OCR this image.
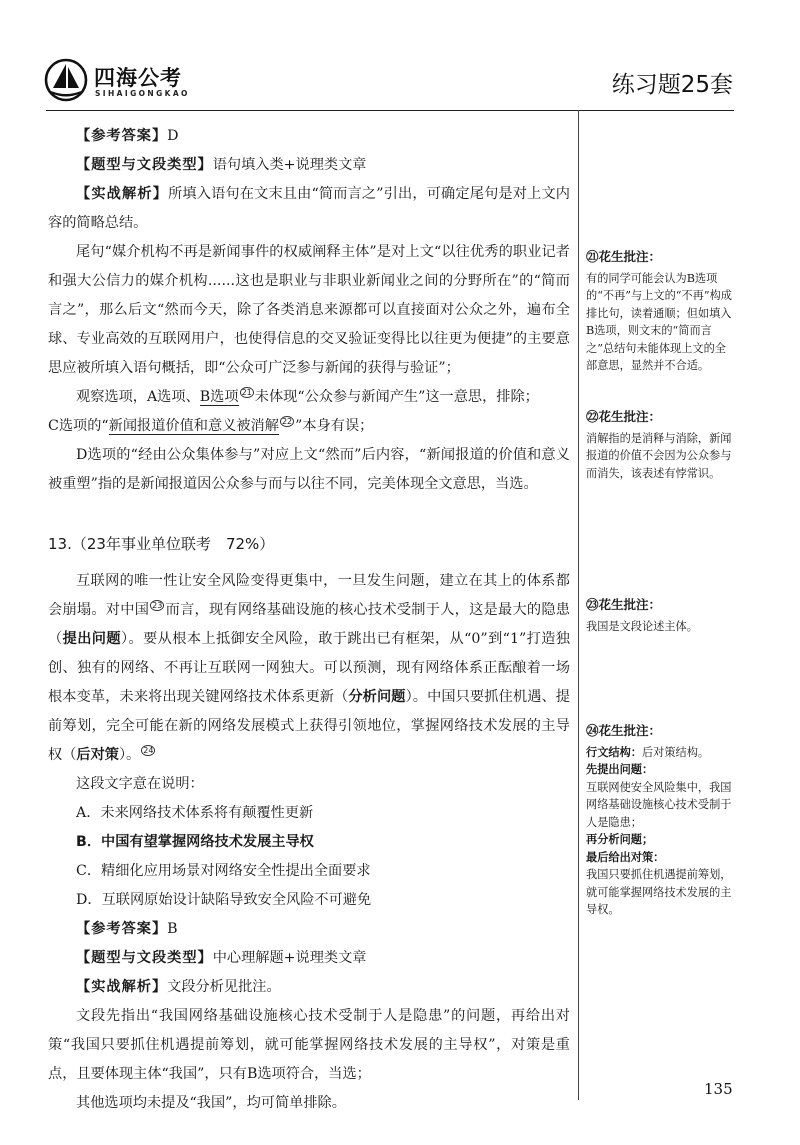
四海公考
SIHAIGONGKAO	练习题25套

【参考答案】D

【题型与文段类型】语句填入类+说理类文章

【实战解析】所填入语句在文末且由“简而言之”引出，可确定尾句是对上文内容的简略总结。

尾句“媒介机构不再是新闻事件的权威阐释主体”是对上文“以往优秀的职业记者和强大公信力的媒介机构......这也是职业与非职业新闻业之间的分野所在”的“简而言之”，那么后文“然而今天，除了各类消息来源都可以直接面对公众之外，遍布全球、专业高效的互联网用户，也使得信息的交叉验证变得比以往更为便捷”的主要意思应被所填入语句概括，即“公众可广泛参与新闻的获得与验证”；

观察选项，A选项、B选项 $^{21}$ 未体现“公众参与新闻产生”这一意思，排除；

C选项的“新闻报道价值和意义被消解 $^{22}$ ”本身有误；

D选项的“经由公众集体参与”对应上文“然而”后内容，“新闻报道的价值和意义被重塑”指的是新闻报道因公众参与而与以往不同，完美体现全文意思，当选。

13.（23年事业单位联考　72%）

互联网的唯一性让安全风险变得更集中，一旦发生问题，建立在其上的体系都会崩塌。对中国 $^{23}$ 而言，现有网络基础设施的核心技术受制于人，这是最大的隐患（提出问题）。要从根本上抵御安全风险，敢于跳出已有框架，从“0”到“1”打造独创、独有的网络、不再让互联网一网独大。可以预测，现有网络体系正酝酿着一场根本变革，未来将出现关键网络技术体系更新（分析问题）。中国只要抓住机遇、提前筹划，完全可能在新的网络发展模式上获得引领地位，掌握网络技术发展的主导权（后对策）。 $^{24}$

这段文字意在说明：

A．未来网络技术体系将有颠覆性更新

B．中国有望掌握网络技术发展主导权

C．精细化应用场景对网络安全性提出全面要求

D．互联网原始设计缺陷导致安全风险不可避免

【参考答案】B

【题型与文段类型】中心理解题+说理类文章

【实战解析】文段分析见批注。

文段先指出“我国网络基础设施核心技术受制于人是隐患”的问题，再给出对策“我国只要抓住机遇提前筹划，就可能掌握网络技术发展的主导权”，对策是重点，且要体现主体“我国”，只有B选项符合，当选；

其他选项均未提及“我国”，均可简单排除。

㉑花生批注：

有的同学可能会认为B选项的“不再”与上文的“不再”构成排比句，读着通顺；但如填入B选项，则文末的“简而言之”总结句未能体现上文的全部意思，显然并不合适。

㉒花生批注：

消解指的是消释与消除，新闻报道的价值不会因为公众参与而消失，该表述有悖常识。

㉓花生批注：

我国是文段论述主体。

㉔花生批注：

行文结构：后对策结构。

先提出问题：

互联网使安全风险集中，我国网络基础设施核心技术受制于人是隐患；

再分析问题；

最后给出对策：

我国只要抓住机遇提前筹划，就可能掌握网络技术发展的主导权。

135
